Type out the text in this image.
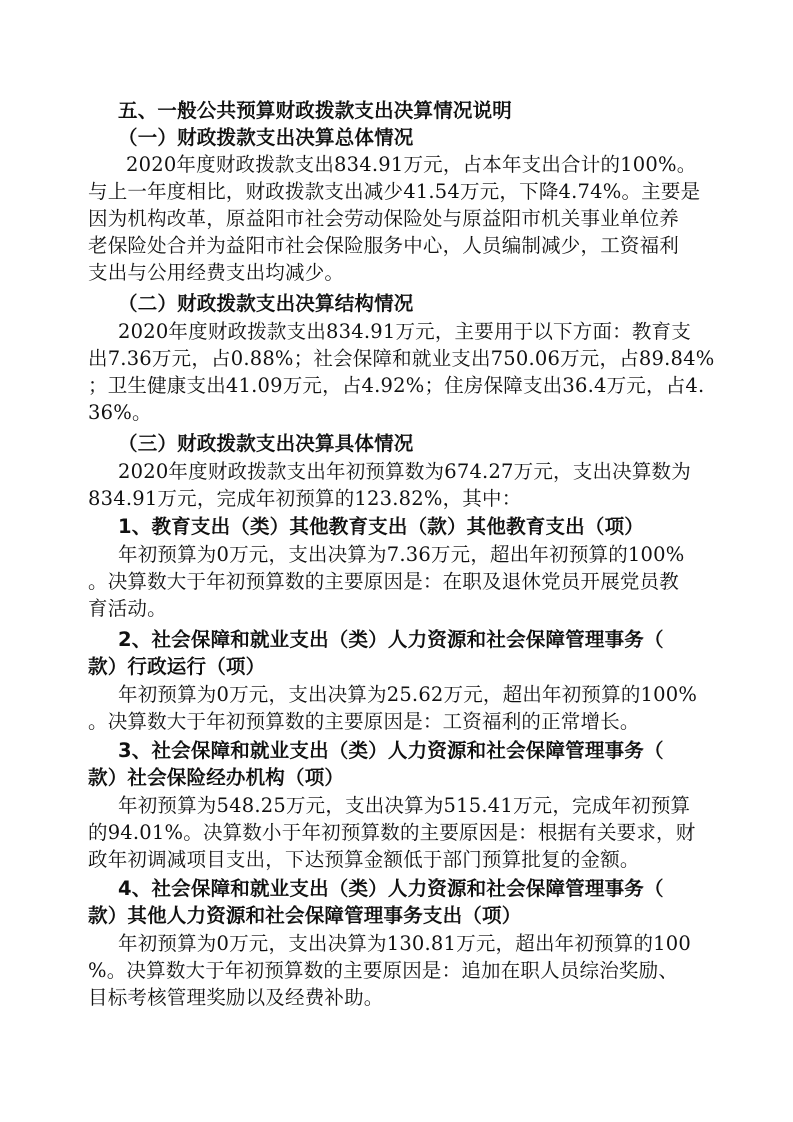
五、一般公共预算财政拨款支出决算情况说明
（一）财政拨款支出决算总体情况
2020年度财政拨款支出834.91万元，占本年支出合计的100%。
与上一年度相比，财政拨款支出减少41.54万元，下降4.74%。主要是
因为机构改革，原益阳市社会劳动保险处与原益阳市机关事业单位养
老保险处合并为益阳市社会保险服务中心，人员编制减少，工资福利
支出与公用经费支出均减少。
（二）财政拨款支出决算结构情况
2020年度财政拨款支出834.91万元，主要用于以下方面：教育支
出7.36万元，占0.88%；社会保障和就业支出750.06万元，占89.84%
；卫生健康支出41.09万元，占4.92%；住房保障支出36.4万元，占4.
36%。
（三）财政拨款支出决算具体情况
2020年度财政拨款支出年初预算数为674.27万元，支出决算数为
834.91万元，完成年初预算的123.82%，其中：
1、教育支出（类）其他教育支出（款）其他教育支出（项）
年初预算为0万元，支出决算为7.36万元，超出年初预算的100%
。决算数大于年初预算数的主要原因是：在职及退休党员开展党员教
育活动。
2、社会保障和就业支出（类）人力资源和社会保障管理事务（
款）行政运行（项）
年初预算为0万元，支出决算为25.62万元，超出年初预算的100%
。决算数大于年初预算数的主要原因是：工资福利的正常增长。
3、社会保障和就业支出（类）人力资源和社会保障管理事务（
款）社会保险经办机构（项）
年初预算为548.25万元，支出决算为515.41万元，完成年初预算
的94.01%。决算数小于年初预算数的主要原因是：根据有关要求，财
政年初调减项目支出，下达预算金额低于部门预算批复的金额。
4、社会保障和就业支出（类）人力资源和社会保障管理事务（
款）其他人力资源和社会保障管理事务支出（项）
年初预算为0万元，支出决算为130.81万元，超出年初预算的100
%。决算数大于年初预算数的主要原因是：追加在职人员综治奖励、
目标考核管理奖励以及经费补助。
